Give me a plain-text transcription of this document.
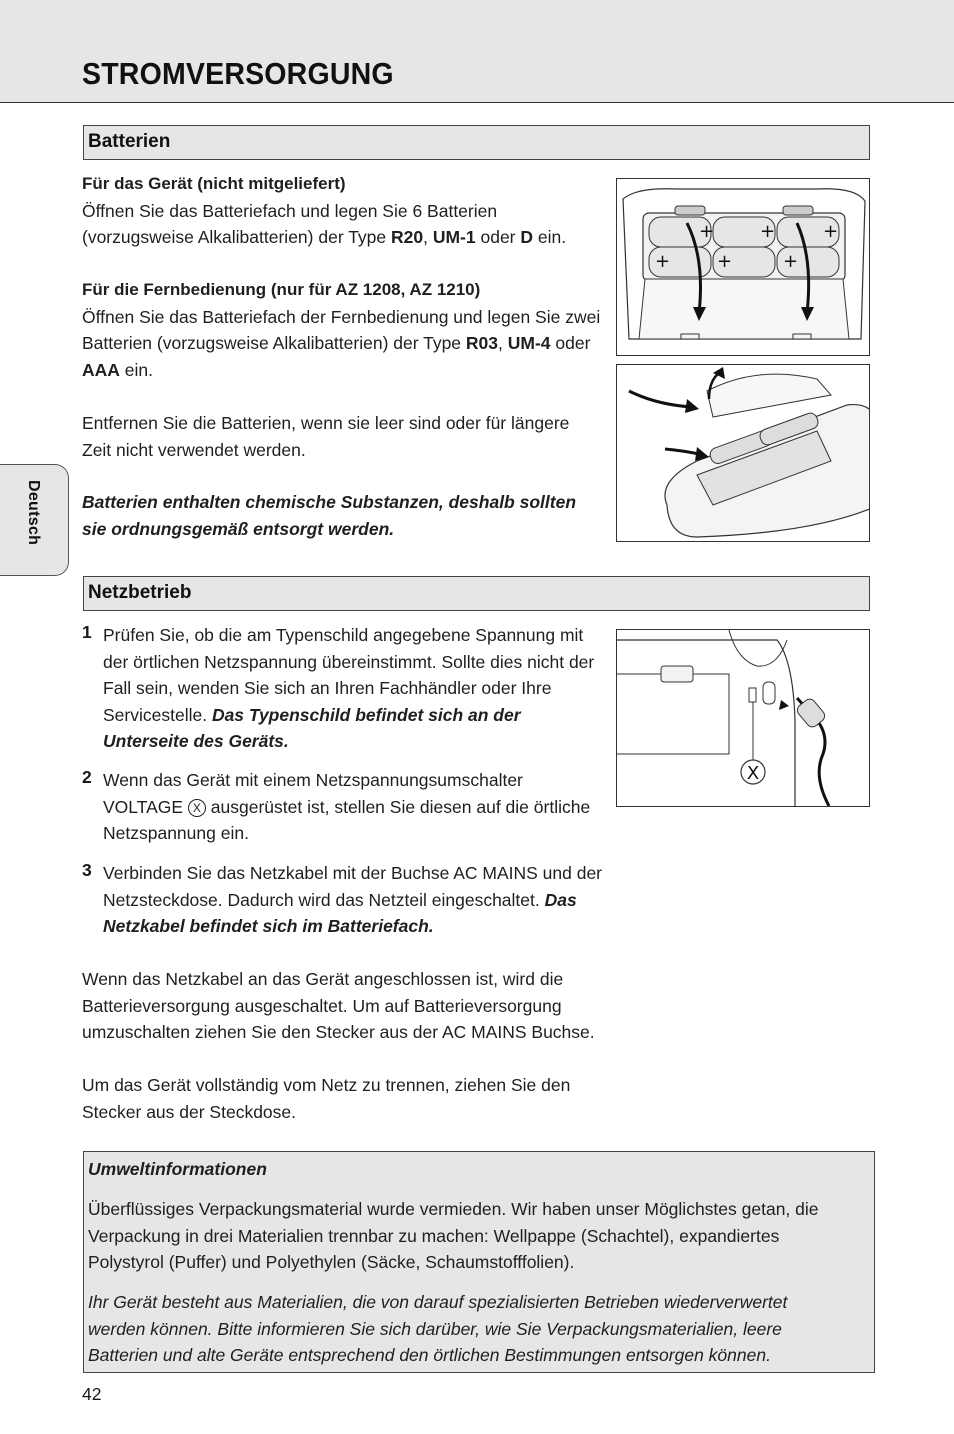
STROMVERSORGUNG
Deutsch
Batterien
Für das Gerät (nicht mitgeliefert)
Öffnen Sie das Batteriefach und legen Sie 6 Batterien
(vorzugsweise Alkalibatterien) der Type R20, UM-1 oder D ein.
Für die Fernbedienung (nur für AZ 1208, AZ 1210)
Öffnen Sie das Batteriefach der Fernbedienung und legen Sie zwei
Batterien (vorzugsweise Alkalibatterien) der Type R03, UM-4 oder
AAA ein.
Entfernen Sie die Batterien, wenn sie leer sind oder für längere
Zeit nicht verwendet werden.
Batterien enthalten chemische Substanzen, deshalb sollten
sie ordnungsgemäß entsorgt werden.
+	+	+
+	+	+
Netzbetrieb
1 Prüfen Sie, ob die am Typenschild angegebene Spannung mit
der örtlichen Netzspannung übereinstimmt. Sollte dies nicht der
Fall sein, wenden Sie sich an Ihren Fachhändler oder Ihre
Servicestelle. Das Typenschild befindet sich an der
Unterseite des Geräts.
2 Wenn das Gerät mit einem Netzspannungsumschalter
VOLTAGE X ausgerüstet ist, stellen Sie diesen auf die örtliche
Netzspannung ein.
3 Verbinden Sie das Netzkabel mit der Buchse AC MAINS und der
Netzsteckdose. Dadurch wird das Netzteil eingeschaltet. Das
Netzkabel befindet sich im Batteriefach.
Wenn das Netzkabel an das Gerät angeschlossen ist, wird die
Batterieversorgung ausgeschaltet. Um auf Batterieversorgung
umzuschalten ziehen Sie den Stecker aus der AC MAINS Buchse.
Um das Gerät vollständig vom Netz zu trennen, ziehen Sie den
Stecker aus der Steckdose.
X
Umweltinformationen
Überflüssiges Verpackungsmaterial wurde vermieden. Wir haben unser Möglichstes getan, die
Verpackung in drei Materialien trennbar zu machen: Wellpappe (Schachtel), expandiertes
Polystyrol (Puffer) und Polyethylen (Säcke, Schaumstofffolien).
Ihr Gerät besteht aus Materialien, die von darauf spezialisierten Betrieben wiederverwertet
werden können. Bitte informieren Sie sich darüber, wie Sie Verpackungsmaterialien, leere
Batterien und alte Geräte entsprechend den örtlichen Bestimmungen entsorgen können.
42
